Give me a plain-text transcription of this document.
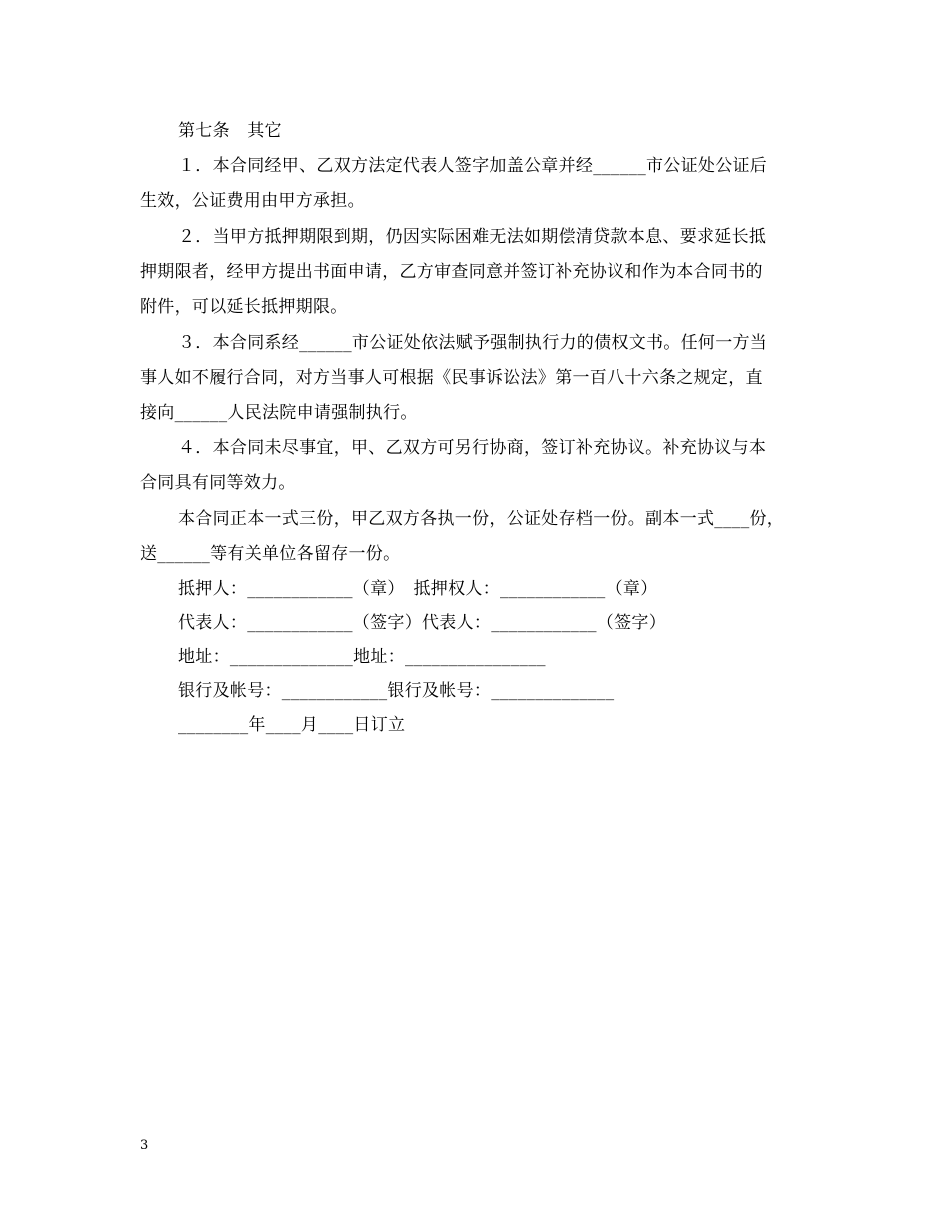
第七条　其它
１．本合同经甲、乙双方法定代表人签字加盖公章并经______市公证处公证后
生效，公证费用由甲方承担。
２．当甲方抵押期限到期，仍因实际困难无法如期偿清贷款本息、要求延长抵
押期限者，经甲方提出书面申请，乙方审查同意并签订补充协议和作为本合同书的
附件，可以延长抵押期限。
３．本合同系经______市公证处依法赋予强制执行力的债权文书。任何一方当
事人如不履行合同，对方当事人可根据《民事诉讼法》第一百八十六条之规定，直
接向______人民法院申请强制执行。
４．本合同未尽事宜，甲、乙双方可另行协商，签订补充协议。补充协议与本
合同具有同等效力。
本合同正本一式三份，甲乙双方各执一份，公证处存档一份。副本一式____份，
送______等有关单位各留存一份。
抵押人：____________（章）　抵押权人：____________（章）
代表人：____________（签字）代表人：____________（签字）
地址：______________地址：________________
银行及帐号：____________银行及帐号：______________
________年____月____日订立
3
